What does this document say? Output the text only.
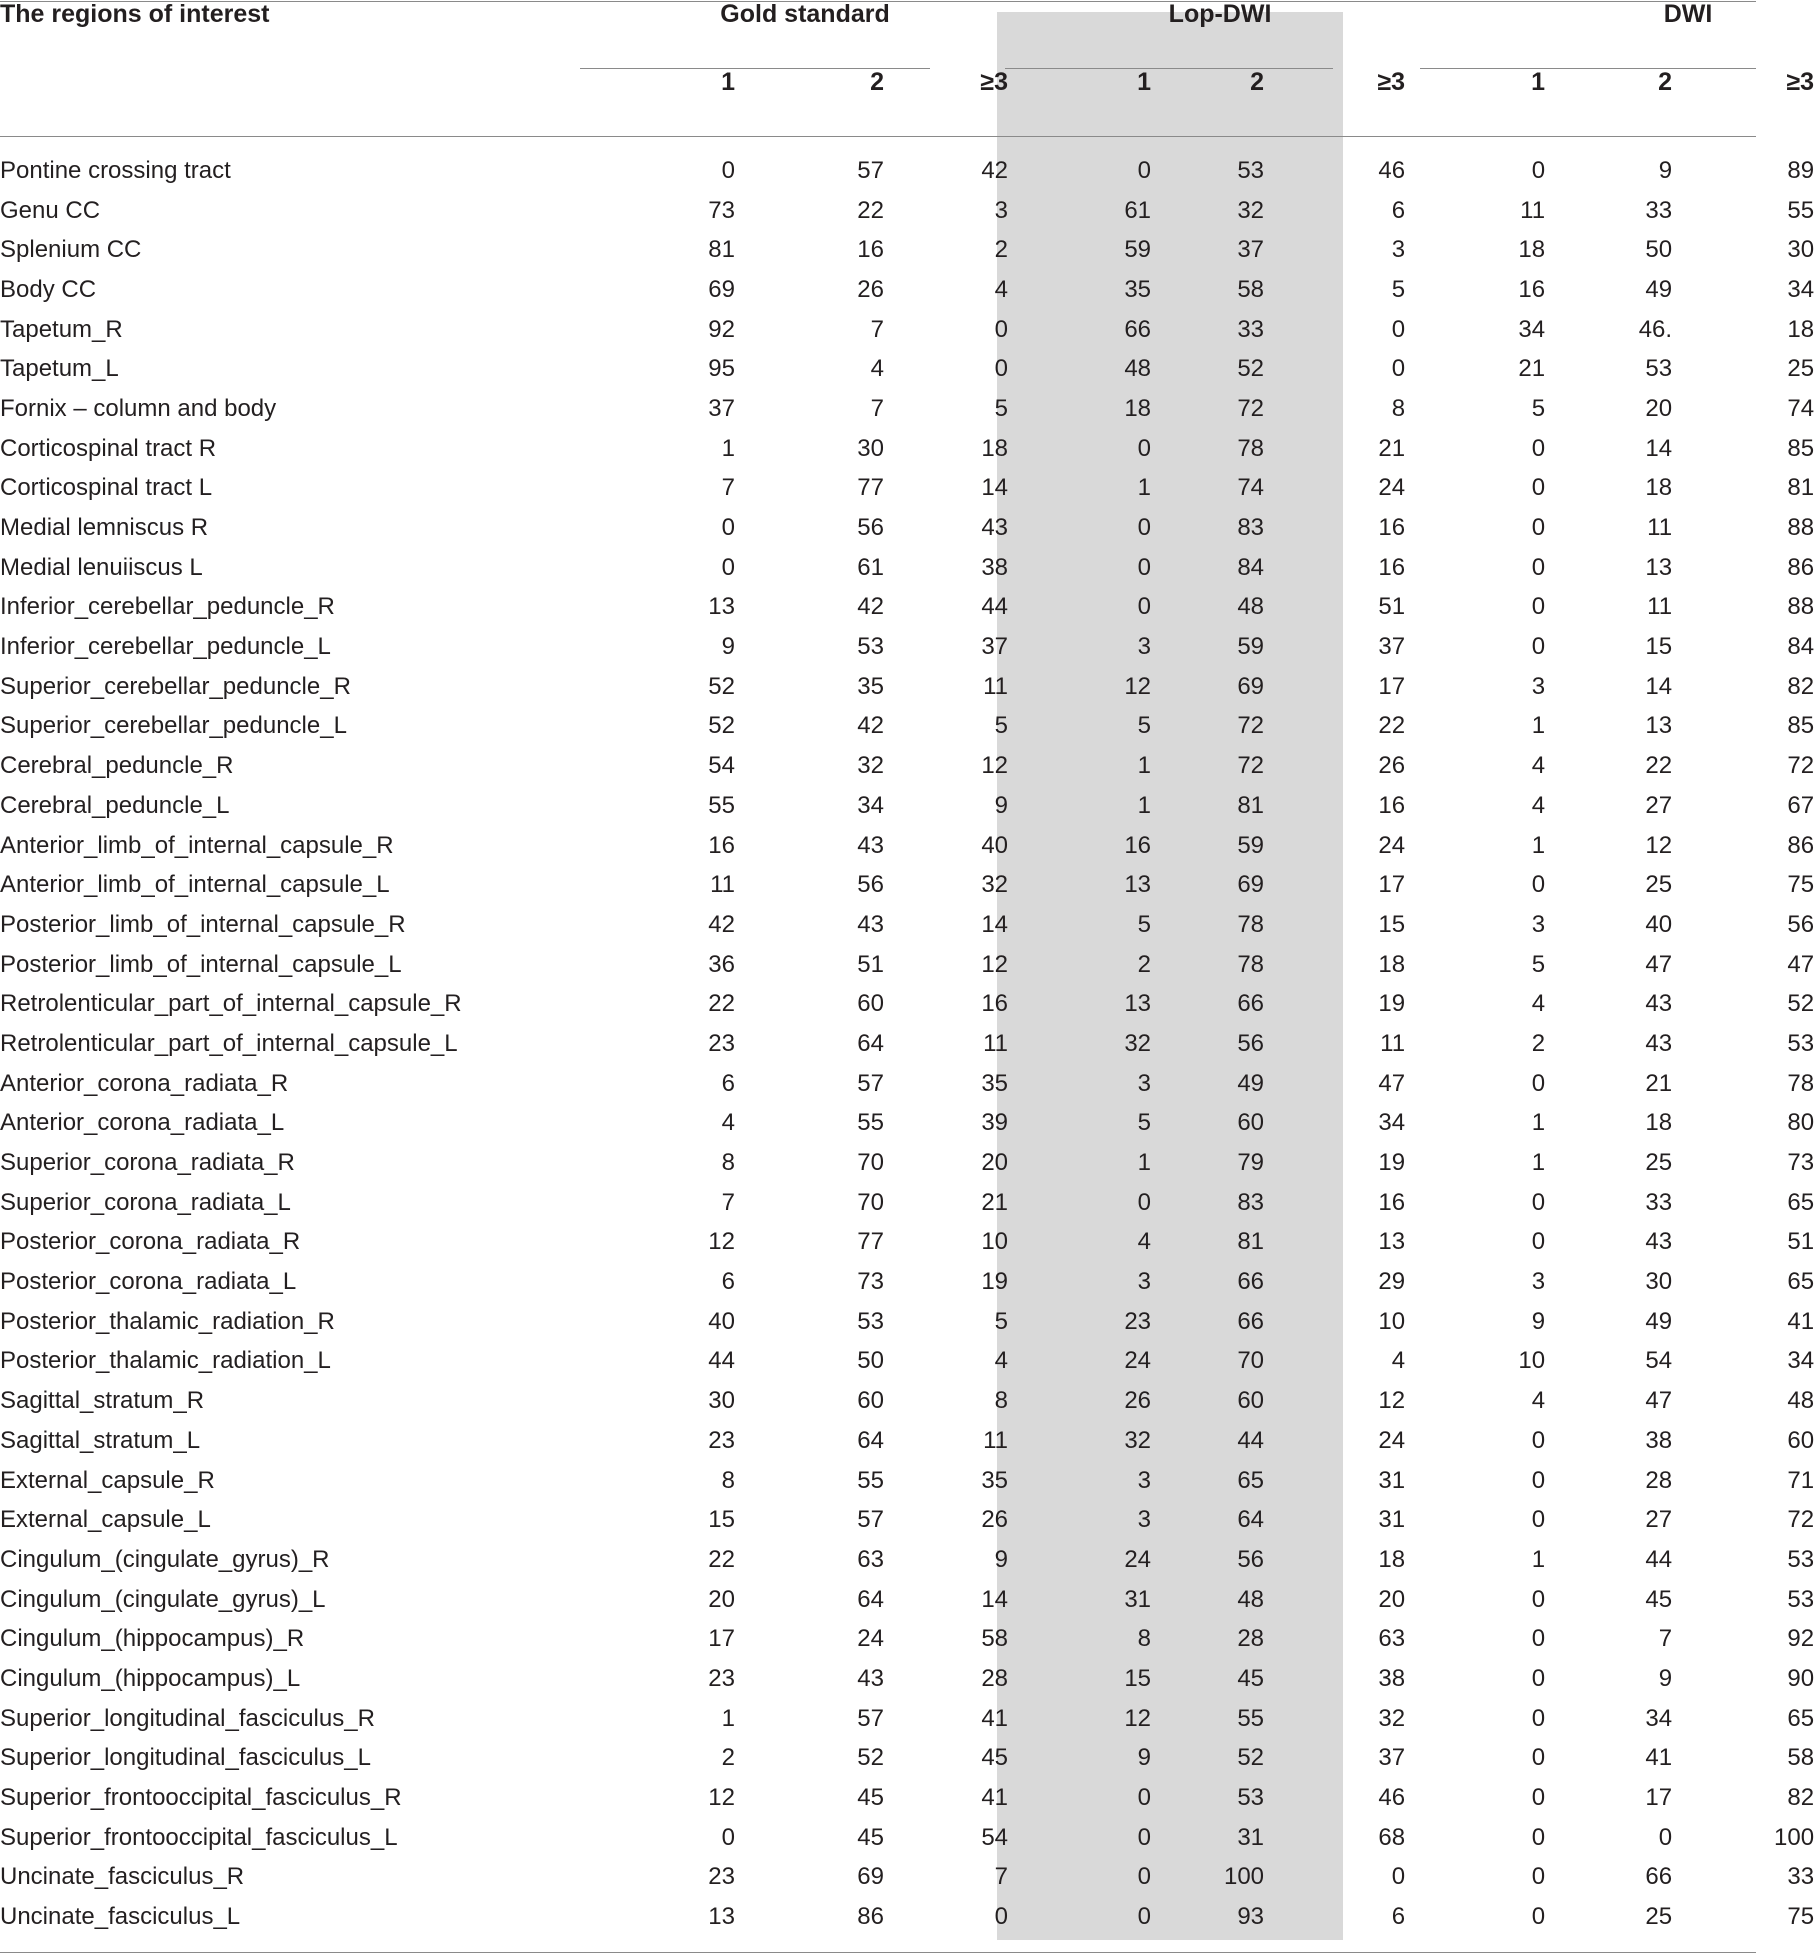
The regions of interest	Gold standard				Lop-DWI			DWI		
		1	2	≥3	1	2	≥3	1	2	≥3

Pontine crossing tract		0	57	42	0	53	46	0	9	89
Genu CC		73	22	3	61	32	6	11	33	55
Splenium CC		81	16	2	59	37	3	18	50	30
Body CC		69	26	4	35	58	5	16	49	34
Tapetum_R		92	7	0	66	33	0	34	46.	18
Tapetum_L		95	4	0	48	52	0	21	53	25
Fornix – column and body		37	7	5	18	72	8	5	20	74
Corticospinal tract R		1	30	18	0	78	21	0	14	85
Corticospinal tract L		7	77	14	1	74	24	0	18	81
Medial lemniscus R		0	56	43	0	83	16	0	11	88
Medial lenuiiscus L		0	61	38	0	84	16	0	13	86
Inferior_cerebellar_peduncle_R		13	42	44	0	48	51	0	11	88
Inferior_cerebellar_peduncle_L		9	53	37	3	59	37	0	15	84
Superior_cerebellar_peduncle_R		52	35	11	12	69	17	3	14	82
Superior_cerebellar_peduncle_L		52	42	5	5	72	22	1	13	85
Cerebral_peduncle_R		54	32	12	1	72	26	4	22	72
Cerebral_peduncle_L		55	34	9	1	81	16	4	27	67
Anterior_limb_of_internal_capsule_R		16	43	40	16	59	24	1	12	86
Anterior_limb_of_internal_capsule_L		11	56	32	13	69	17	0	25	75
Posterior_limb_of_internal_capsule_R		42	43	14	5	78	15	3	40	56
Posterior_limb_of_internal_capsule_L		36	51	12	2	78	18	5	47	47
Retrolenticular_part_of_internal_capsule_R		22	60	16	13	66	19	4	43	52
Retrolenticular_part_of_internal_capsule_L		23	64	11	32	56	11	2	43	53
Anterior_corona_radiata_R		6	57	35	3	49	47	0	21	78
Anterior_corona_radiata_L		4	55	39	5	60	34	1	18	80
Superior_corona_radiata_R		8	70	20	1	79	19	1	25	73
Superior_corona_radiata_L		7	70	21	0	83	16	0	33	65
Posterior_corona_radiata_R		12	77	10	4	81	13	0	43	51
Posterior_corona_radiata_L		6	73	19	3	66	29	3	30	65
Posterior_thalamic_radiation_R		40	53	5	23	66	10	9	49	41
Posterior_thalamic_radiation_L		44	50	4	24	70	4	10	54	34
Sagittal_stratum_R		30	60	8	26	60	12	4	47	48
Sagittal_stratum_L		23	64	11	32	44	24	0	38	60
External_capsule_R		8	55	35	3	65	31	0	28	71
External_capsule_L		15	57	26	3	64	31	0	27	72
Cingulum_(cingulate_gyrus)_R		22	63	9	24	56	18	1	44	53
Cingulum_(cingulate_gyrus)_L		20	64	14	31	48	20	0	45	53
Cingulum_(hippocampus)_R		17	24	58	8	28	63	0	7	92
Cingulum_(hippocampus)_L		23	43	28	15	45	38	0	9	90
Superior_longitudinal_fasciculus_R		1	57	41	12	55	32	0	34	65
Superior_longitudinal_fasciculus_L		2	52	45	9	52	37	0	41	58
Superior_frontooccipital_fasciculus_R		12	45	41	0	53	46	0	17	82
Superior_frontooccipital_fasciculus_L		0	45	54	0	31	68	0	0	100
Uncinate_fasciculus_R		23	69	7	0	100	0	0	66	33
Uncinate_fasciculus_L		13	86	0	0	93	6	0	25	75
